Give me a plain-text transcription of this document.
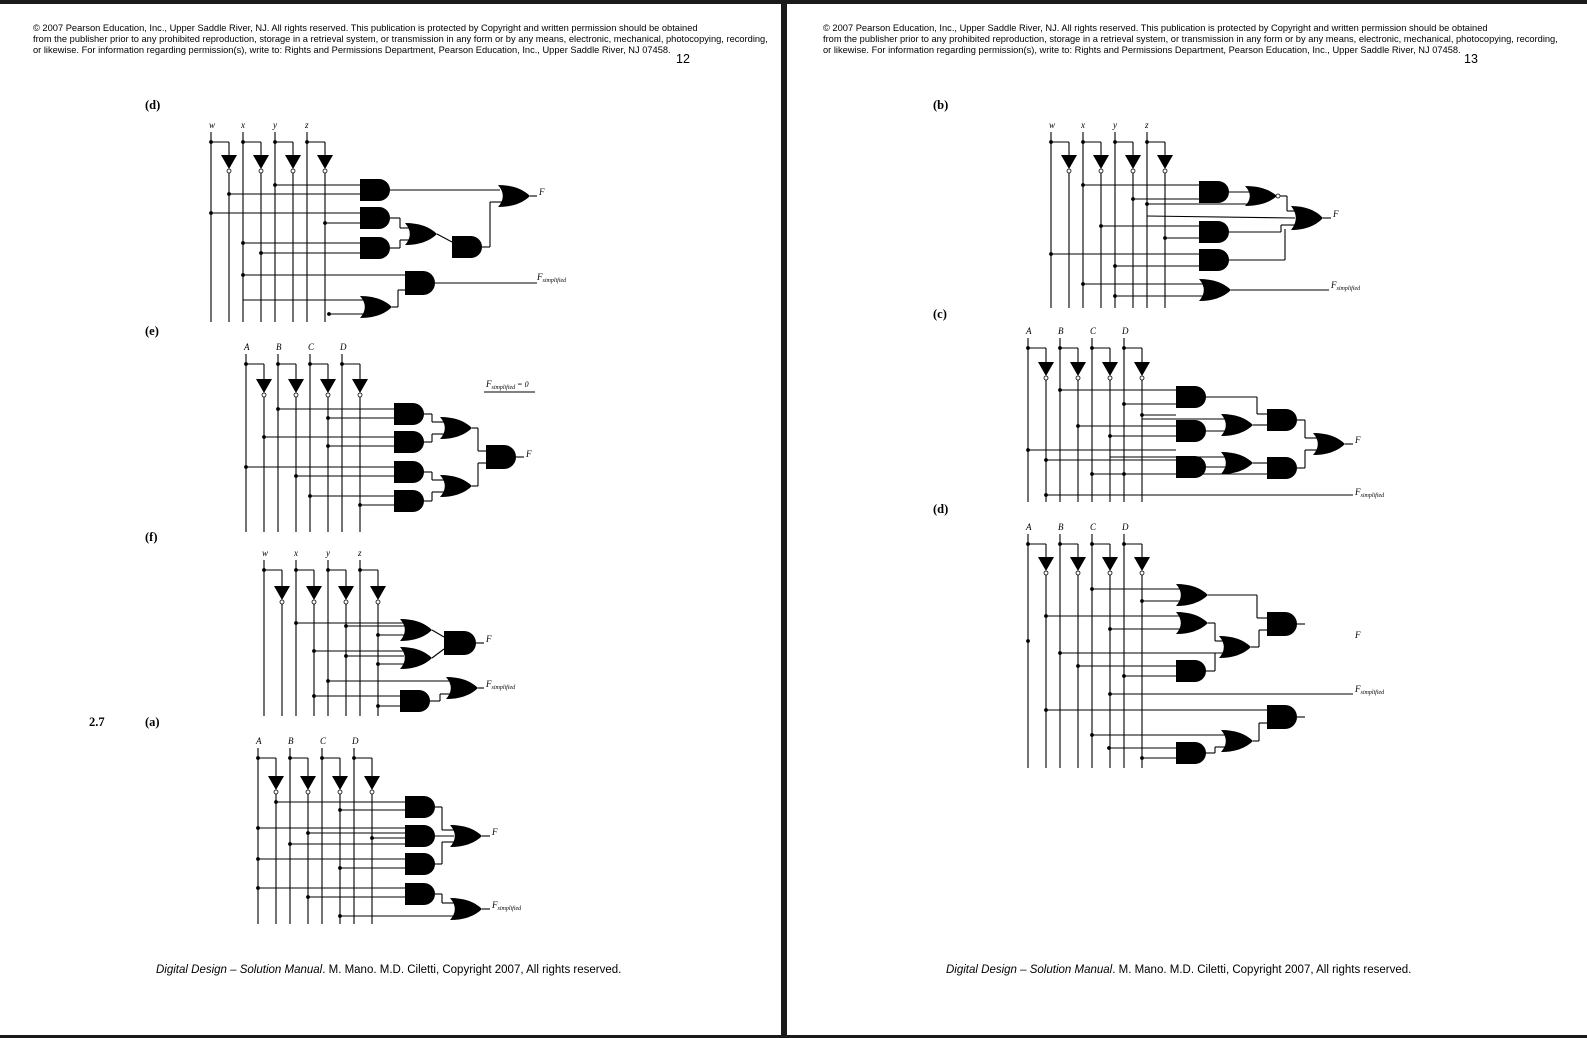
© 2007 Pearson Education, Inc., Upper Saddle River, NJ. All rights reserved. This publication is protected by Copyright and written permission should be obtained
from the publisher prior to any prohibited reproduction, storage in a retrieval system, or transmission in any form or by any means, electronic, mechanical, photocopying, recording,
or likewise. For information regarding permission(s), write to: Rights and Permissions Department, Pearson Education, Inc., Upper Saddle River, NJ 07458.
12
(d)
(e)
(f)
2.7	(a)
w	x	y	z
F
$F_{simplified}$
A	B	C	D
$F_{simplified} = 0$
F
w	x	y	z
F
$F_{simplified}$
A	B	C	D
F
$F_{simplified}$
Digital Design – Solution Manual. M. Mano. M.D. Ciletti, Copyright 2007, All rights reserved.
© 2007 Pearson Education, Inc., Upper Saddle River, NJ. All rights reserved. This publication is protected by Copyright and written permission should be obtained
from the publisher prior to any prohibited reproduction, storage in a retrieval system, or transmission in any form or by any means, electronic, mechanical, photocopying, recording,
or likewise. For information regarding permission(s), write to: Rights and Permissions Department, Pearson Education, Inc., Upper Saddle River, NJ 07458.
13
(b)
(c)
(d)
w	x	y	z
F
$F_{simplified}$
A	B	C	D
F
$F_{simplified}$
A	B	C	D
F
$F_{simplified}$
Digital Design – Solution Manual. M. Mano. M.D. Ciletti, Copyright 2007, All rights reserved.
